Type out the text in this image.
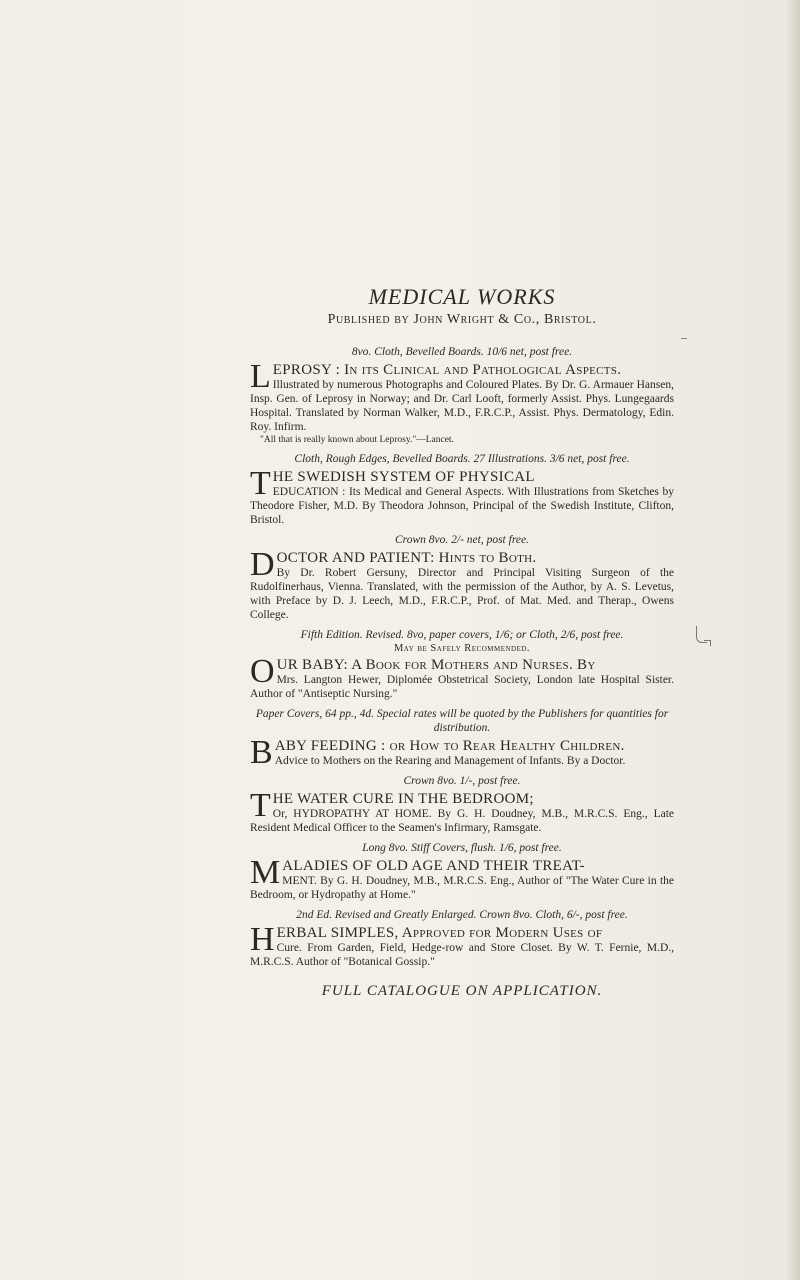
MEDICAL WORKS
Published by John Wright & Co., Bristol.
8vo. Cloth, Bevelled Boards. 10/6 net, post free.
L EPROSY : In its Clinical and Pathological Aspects.

Illustrated by numerous Photographs and Coloured Plates. By Dr. G. Armauer Hansen, Insp. Gen. of Leprosy in Norway; and Dr. Carl Looft, formerly Assist. Phys. Lungegaards Hospital. Translated by Norman Walker, M.D., F.R.C.P., Assist. Phys. Dermatology, Edin. Roy. Infirm.

"All that is really known about Leprosy."—Lancet.

Cloth, Rough Edges, Bevelled Boards. 27 Illustrations. 3/6 net, post free.
T HE SWEDISH SYSTEM OF PHYSICAL

EDUCATION : Its Medical and General Aspects. With Illustrations from Sketches by Theodore Fisher, M.D. By Theodora Johnson, Principal of the Swedish Institute, Clifton, Bristol.

Crown 8vo. 2/- net, post free.
D OCTOR AND PATIENT: Hints to Both.

By Dr. Robert Gersuny, Director and Principal Visiting Surgeon of the Rudolfinerhaus, Vienna. Translated, with the permission of the Author, by A. S. Levetus, with Preface by D. J. Leech, M.D., F.R.C.P., Prof. of Mat. Med. and Therap., Owens College.

Fifth Edition. Revised. 8vo, paper covers, 1/6; or Cloth, 2/6, post free.
May be Safely Recommended.
O UR BABY: A Book for Mothers and Nurses. By

Mrs. Langton Hewer, Diplomée Obstetrical Society, London late Hospital Sister. Author of "Antiseptic Nursing."

Paper Covers, 64 pp., 4d. Special rates will be quoted by the Publishers for quantities for distribution.
B ABY FEEDING : or How to Rear Healthy Children.

Advice to Mothers on the Rearing and Management of Infants. By a Doctor.

Crown 8vo. 1/-, post free.
T HE WATER CURE IN THE BEDROOM;

Or, HYDROPATHY AT HOME. By G. H. Doudney, M.B., M.R.C.S. Eng., Late Resident Medical Officer to the Seamen's Infirmary, Ramsgate.

Long 8vo. Stiff Covers, flush. 1/6, post free.
M ALADIES OF OLD AGE AND THEIR TREAT-

MENT. By G. H. Doudney, M.B., M.R.C.S. Eng., Author of "The Water Cure in the Bedroom, or Hydropathy at Home."

2nd Ed. Revised and Greatly Enlarged. Crown 8vo. Cloth, 6/-, post free.
H ERBAL SIMPLES, Approved for Modern Uses of

Cure. From Garden, Field, Hedge-row and Store Closet. By W. T. Fernie, M.D., M.R.C.S. Author of "Botanical Gossip."

FULL CATALOGUE ON APPLICATION.
